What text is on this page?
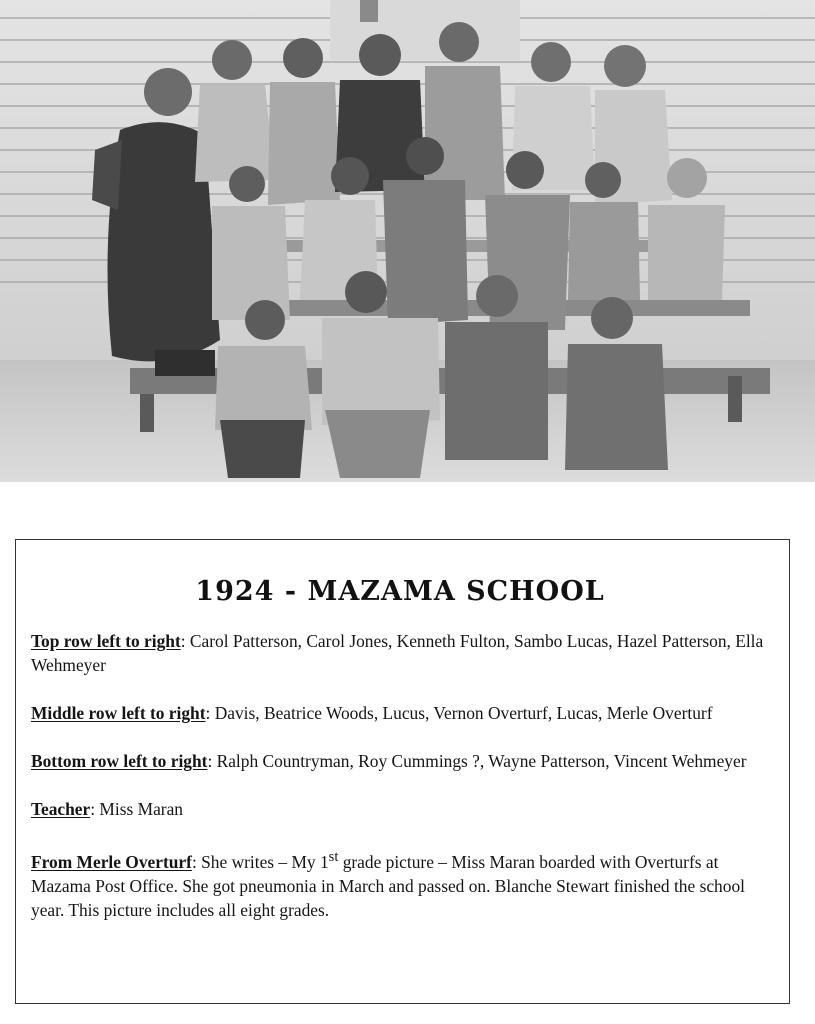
1924 - MAZAMA SCHOOL

Top row left to right: Carol Patterson, Carol Jones, Kenneth Fulton, Sambo Lucas, Hazel Patterson, Ella Wehmeyer

Middle row left to right: Davis, Beatrice Woods, Lucus, Vernon Overturf, Lucas, Merle Overturf

Bottom row left to right: Ralph Countryman, Roy Cummings ?, Wayne Patterson, Vincent Wehmeyer

Teacher: Miss Maran

From Merle Overturf: She writes – My 1st grade picture – Miss Maran boarded with Overturfs at Mazama Post Office. She got pneumonia in March and passed on. Blanche Stewart finished the school year. This picture includes all eight grades.
